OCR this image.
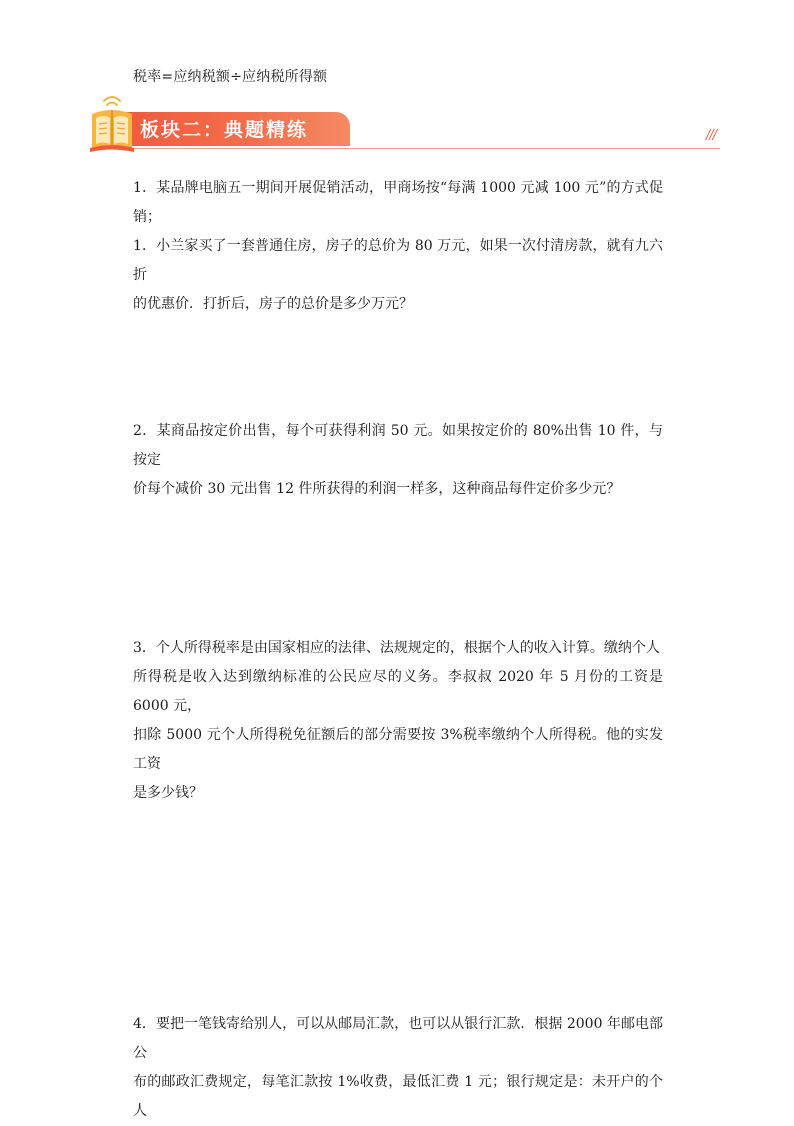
税率=应纳税额÷应纳税所得额
板块二：典题精练	///

1．某品牌电脑五一期间开展促销活动，甲商场按“每满 1000 元减 100 元”的方式促销；

1．小兰家买了一套普通住房，房子的总价为 80 万元，如果一次付清房款，就有九六折

的优惠价．打折后，房子的总价是多少万元？

2．某商品按定价出售，每个可获得利润 50 元。如果按定价的 80%出售 10 件，与按定

价每个减价 30 元出售 12 件所获得的利润一样多，这种商品每件定价多少元？

3．个人所得税率是由国家相应的法律、法规规定的，根据个人的收入计算。缴纳个人

所得税是收入达到缴纳标准的公民应尽的义务。李叔叔 2020 年 5 月份的工资是 6000 元，

扣除 5000 元个人所得税免征额后的部分需要按 3%税率缴纳个人所得税。他的实发工资

是多少钱？

4．要把一笔钱寄给别人，可以从邮局汇款，也可以从银行汇款．根据 2000 年邮电部公

布的邮政汇费规定，每笔汇款按 1%收费，最低汇费 1 元；银行规定是：未开户的个人
